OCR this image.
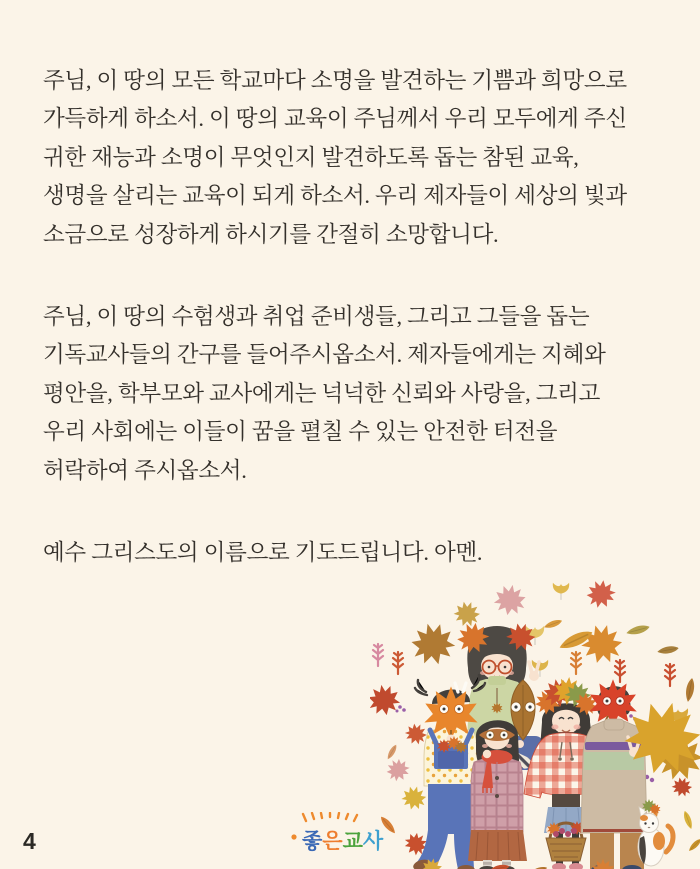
주님, 이 땅의 모든 학교마다 소명을 발견하는 기쁨과 희망으로
가득하게 하소서. 이 땅의 교육이 주님께서 우리 모두에게 주신
귀한 재능과 소명이 무엇인지 발견하도록 돕는 참된 교육,
생명을 살리는 교육이 되게 하소서. 우리 제자들이 세상의 빛과
소금으로 성장하게 하시기를 간절히 소망합니다.
주님, 이 땅의 수험생과 취업 준비생들, 그리고 그들을 돕는
기독교사들의 간구를 들어주시옵소서. 제자들에게는 지혜와
평안을, 학부모와 교사에게는 넉넉한 신뢰와 사랑을, 그리고
우리 사회에는 이들이 꿈을 펼칠 수 있는 안전한 터전을
허락하여 주시옵소서.
예수 그리스도의 이름으로 기도드립니다. 아멘.
좋은교사
4
